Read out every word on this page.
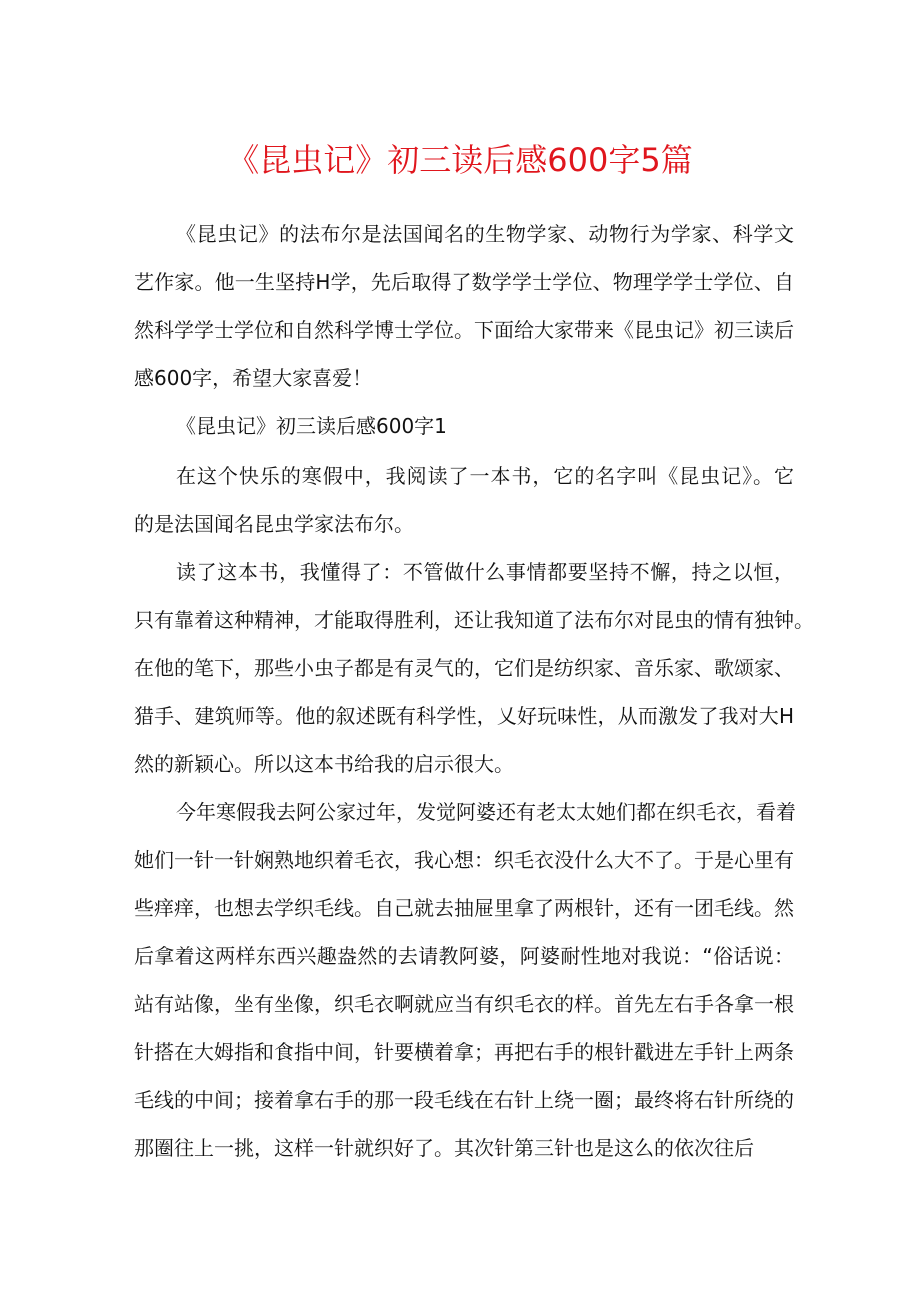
《昆虫记》初三读后感600字5篇
《昆虫记》的法布尔是法国闻名的生物学家、动物行为学家、科学文
艺作家。他一生坚持H学，先后取得了数学学士学位、物理学学士学位、自
然科学学士学位和自然科学博士学位。下面给大家带来《昆虫记》初三读后
感600字，希望大家喜爱！
《昆虫记》初三读后感600字1
在这个快乐的寒假中，我阅读了一本书，它的名字叫《昆虫记》。它
的是法国闻名昆虫学家法布尔。
读了这本书，我懂得了：不管做什么事情都要坚持不懈，持之以恒，
只有靠着这种精神，才能取得胜利，还让我知道了法布尔对昆虫的情有独钟。
在他的笔下，那些小虫子都是有灵气的，它们是纺织家、音乐家、歌颂家、
猎手、建筑师等。他的叙述既有科学性，乂好玩味性，从而激发了我对大H
然的新颖心。所以这本书给我的启示很大。
今年寒假我去阿公家过年，发觉阿婆还有老太太她们都在织毛衣，看着
她们一针一针娴熟地织着毛衣，我心想：织毛衣没什么大不了。于是心里有
些痒痒，也想去学织毛线。自己就去抽屉里拿了两根针，还有一团毛线。然
后拿着这两样东西兴趣盎然的去请教阿婆，阿婆耐性地对我说：“俗话说：
站有站像，坐有坐像，织毛衣啊就应当有织毛衣的样。首先左右手各拿一根
针搭在大姆指和食指中间，针要横着拿；再把右手的根针戳进左手针上两条
毛线的中间；接着拿右手的那一段毛线在右针上绕一圈；最终将右针所绕的
那圈往上一挑，这样一针就织好了。其次针第三针也是这么的依次往后
